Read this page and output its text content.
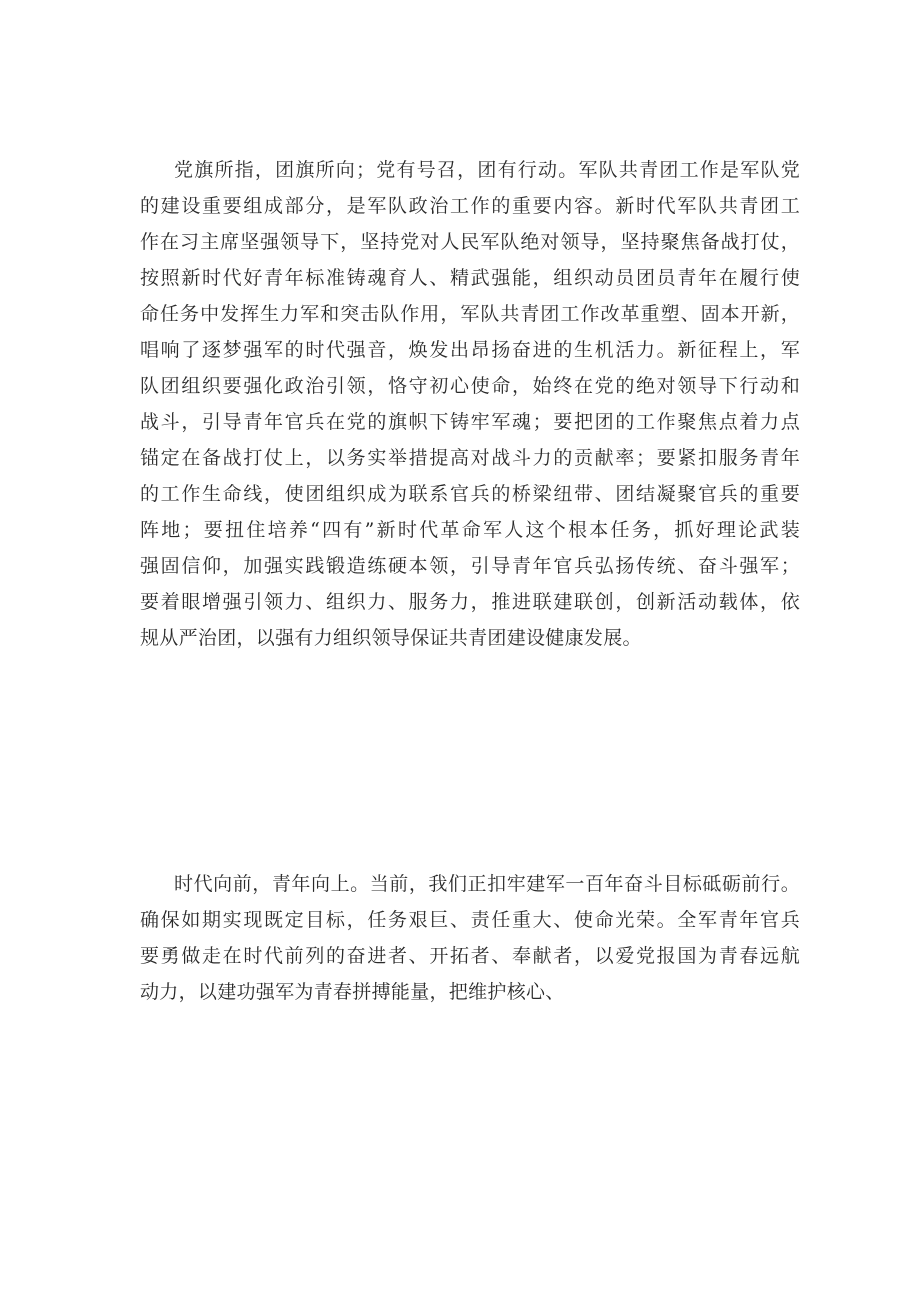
党旗所指，团旗所向；党有号召，团有行动。军队共青团工作是军队党
的建设重要组成部分，是军队政治工作的重要内容。新时代军队共青团工
作在习主席坚强领导下，坚持党对人民军队绝对领导，坚持聚焦备战打仗，
按照新时代好青年标准铸魂育人、精武强能，组织动员团员青年在履行使
命任务中发挥生力军和突击队作用，军队共青团工作改革重塑、固本开新，
唱响了逐梦强军的时代强音，焕发出昂扬奋进的生机活力。新征程上，军
队团组织要强化政治引领，恪守初心使命，始终在党的绝对领导下行动和
战斗，引导青年官兵在党的旗帜下铸牢军魂；要把团的工作聚焦点着力点
锚定在备战打仗上，以务实举措提高对战斗力的贡献率；要紧扣服务青年
的工作生命线，使团组织成为联系官兵的桥梁纽带、团结凝聚官兵的重要
阵地；要扭住培养“四有”新时代革命军人这个根本任务，抓好理论武装
强固信仰，加强实践锻造练硬本领，引导青年官兵弘扬传统、奋斗强军；
要着眼增强引领力、组织力、服务力，推进联建联创，创新活动载体，依
规从严治团，以强有力组织领导保证共青团建设健康发展。
时代向前，青年向上。当前，我们正扣牢建军一百年奋斗目标砥砺前行。
确保如期实现既定目标，任务艰巨、责任重大、使命光荣。全军青年官兵
要勇做走在时代前列的奋进者、开拓者、奉献者，以爱党报国为青春远航
动力，以建功强军为青春拼搏能量，把维护核心、
